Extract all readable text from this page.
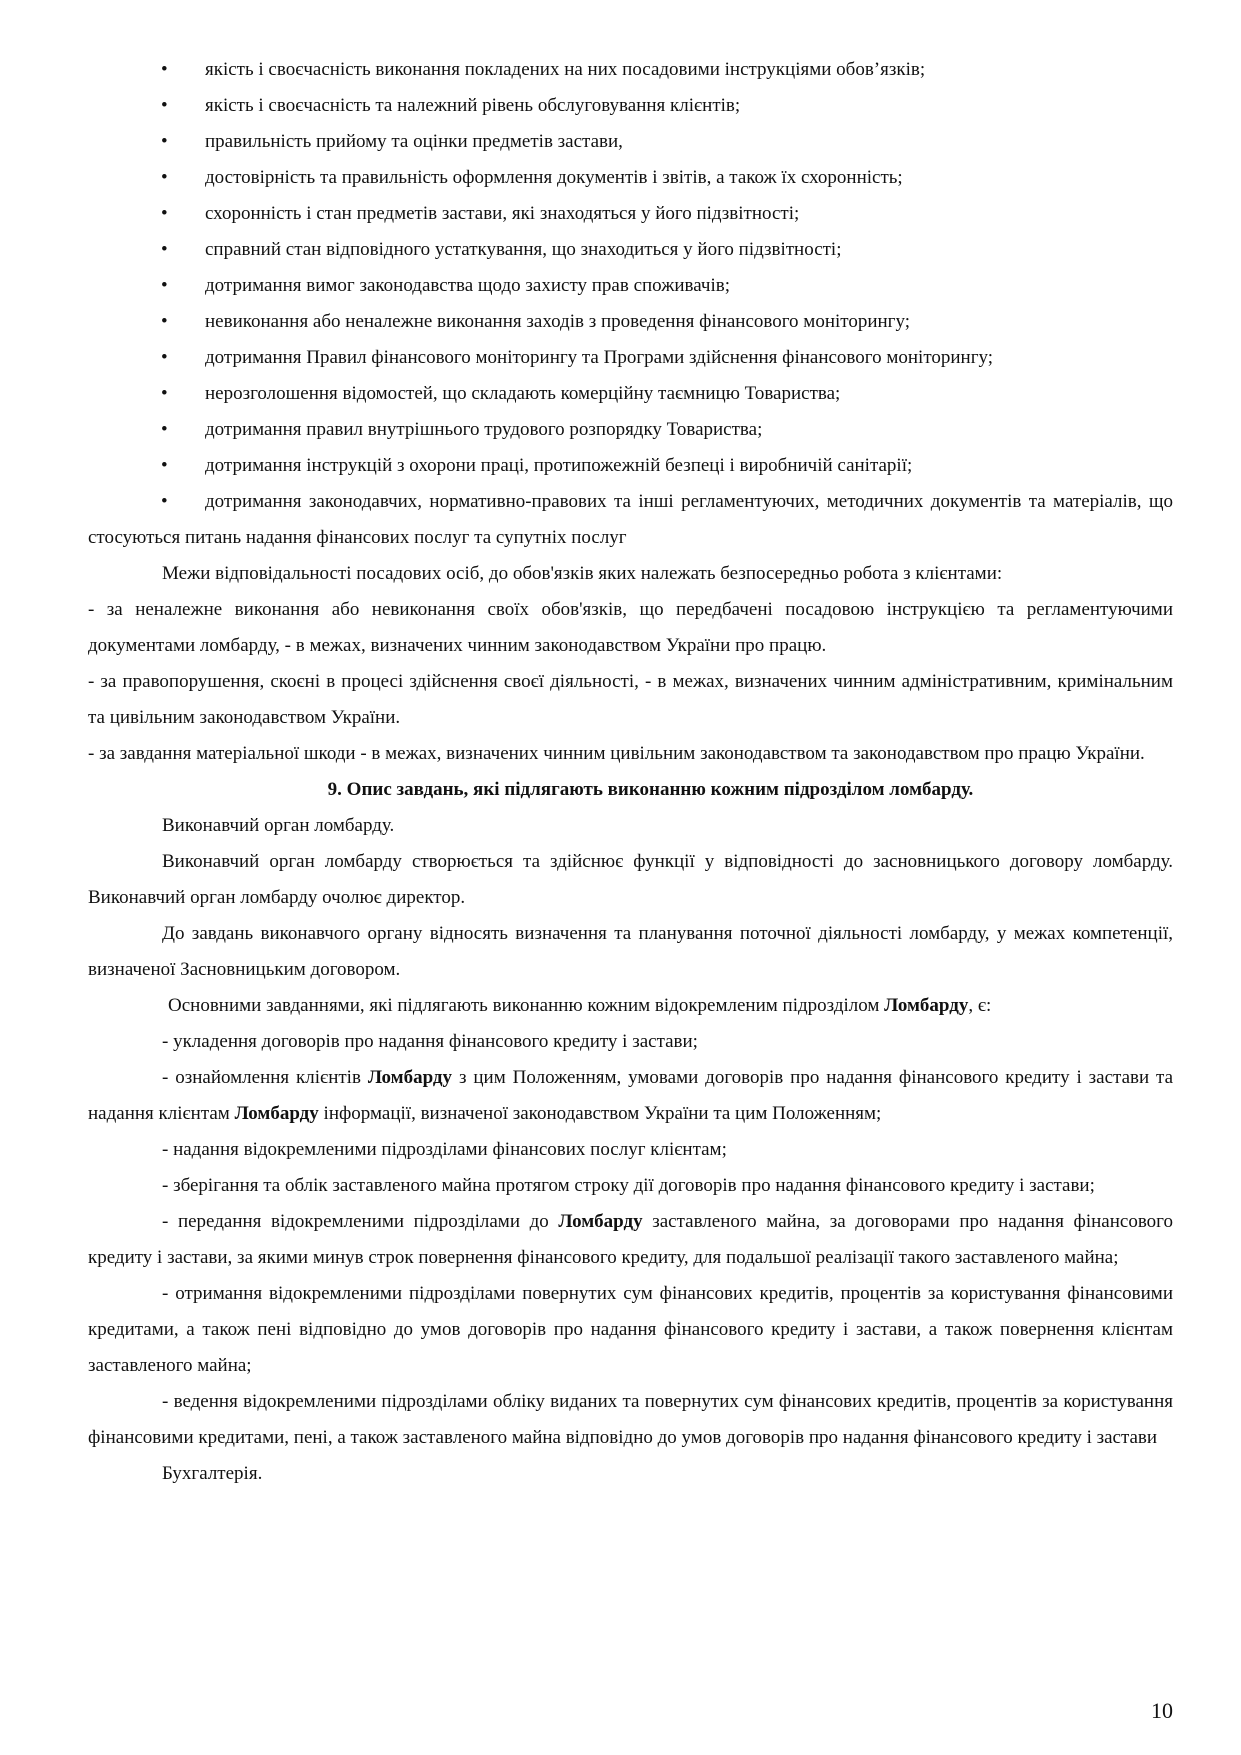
• якість і своєчасність виконання покладених на них посадовими інструкціями обов’язків;
• якість і своєчасність та належний рівень обслуговування клієнтів;
• правильність прийому та оцінки предметів застави,
• достовірність та правильність оформлення документів і звітів, а також їх схоронність;
• схоронність і стан предметів застави, які знаходяться у його підзвітності;
• справний стан відповідного устаткування, що знаходиться у його підзвітності;
• дотримання вимог законодавства щодо захисту прав споживачів;
• невиконання або неналежне виконання заходів з проведення фінансового моніторингу;
• дотримання Правил фінансового моніторингу та Програми здійснення фінансового моніторингу;
• нерозголошення відомостей, що складають комерційну таємницю Товариства;
• дотримання правил внутрішнього трудового розпорядку Товариства;
• дотримання інструкцій з охорони праці, протипожежній безпеці і виробничій санітарії;
• дотримання законодавчих, нормативно-правових та інші регламентуючих, методичних документів та матеріалів, що стосуються питань надання фінансових послуг та супутніх послуг

Межи відповідальності посадових осіб, до обов'язків яких належать безпосередньо робота з клієнтами:

- за неналежне виконання або невиконання своїх обов'язків, що передбачені посадовою інструкцією та регламентуючими документами ломбарду, - в межах, визначених чинним законодавством України про працю.

- за правопорушення, скоєні в процесі здійснення своєї діяльності, - в межах, визначених чинним адміністративним, кримінальним та цивільним законодавством України.

- за завдання матеріальної шкоди - в межах, визначених чинним цивільним законодавством та законодавством про працю України.

9. Опис завдань, які підлягають виконанню кожним підрозділом ломбарду.

Виконавчий орган ломбарду.

Виконавчий орган ломбарду створюється та здійснює функції у відповідності до засновницького договору ломбарду. Виконавчий орган ломбарду очолює директор.

До завдань виконавчого органу відносять визначення та планування поточної діяльності ломбарду, у межах компетенції, визначеної Засновницьким договором.

Основними завданнями, які підлягають виконанню кожним відокремленим підрозділом Ломбарду, є:

- укладення договорів про надання фінансового кредиту і застави;

- ознайомлення клієнтів Ломбарду з цим Положенням, умовами договорів про надання фінансового кредиту і застави та надання клієнтам Ломбарду інформації, визначеної законодавством України та цим Положенням;

- надання відокремленими підрозділами фінансових послуг клієнтам;

- зберігання та облік заставленого майна протягом строку дії договорів про надання фінансового кредиту і застави;

- передання відокремленими підрозділами до Ломбарду заставленого майна, за договорами про надання фінансового кредиту і застави, за якими минув строк повернення фінансового кредиту, для подальшої реалізації такого заставленого майна;

- отримання відокремленими підрозділами повернутих сум фінансових кредитів, процентів за користування фінансовими кредитами, а також пені відповідно до умов договорів про надання фінансового кредиту і застави, а також повернення клієнтам заставленого майна;

- ведення відокремленими підрозділами обліку виданих та повернутих сум фінансових кредитів, процентів за користування фінансовими кредитами, пені, а також заставленого майна відповідно до умов договорів про надання фінансового кредиту і застави

Бухгалтерія.

10
